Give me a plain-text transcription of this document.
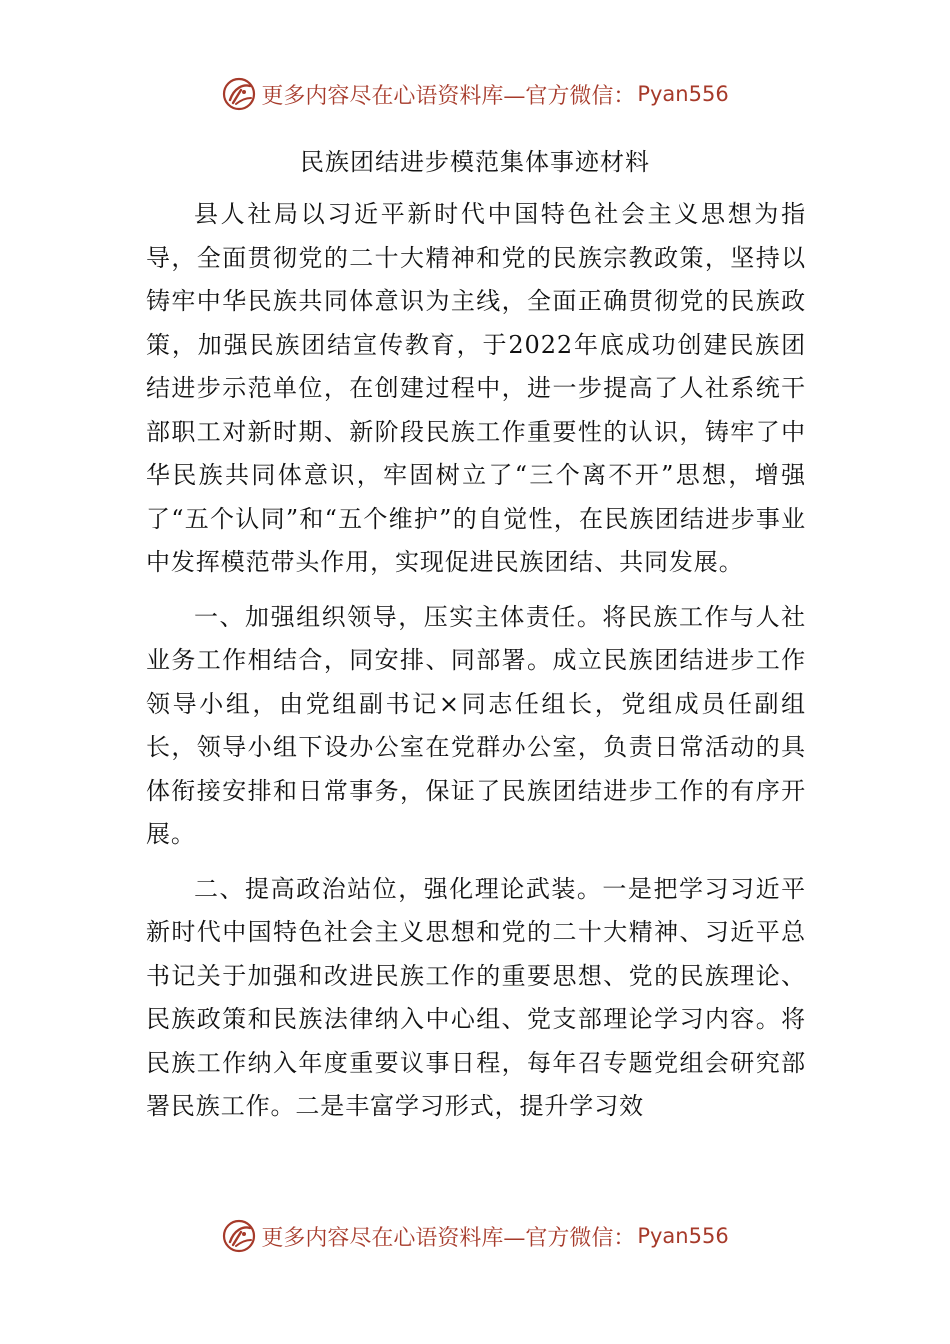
更多内容尽在心语资料库—官方微信： Pyan556
民族团结进步模范集体事迹材料

县人社局以习近平新时代中国特色社会主义思想为指导，全面贯彻党的二十大精神和党的民族宗教政策，坚持以铸牢中华民族共同体意识为主线，全面正确贯彻党的民族政策，加强民族团结宣传教育，于2022年底成功创建民族团结进步示范单位，在创建过程中，进一步提高了人社系统干部职工对新时期、新阶段民族工作重要性的认识，铸牢了中华民族共同体意识，牢固树立了“三个离不开”思想，增强了“五个认同”和“五个维护”的自觉性，在民族团结进步事业中发挥模范带头作用，实现促进民族团结、共同发展。

一、加强组织领导，压实主体责任。将民族工作与人社业务工作相结合，同安排、同部署。成立民族团结进步工作领导小组，由党组副书记×同志任组长，党组成员任副组长，领导小组下设办公室在党群办公室，负责日常活动的具体衔接安排和日常事务，保证了民族团结进步工作的有序开展。

二、提高政治站位，强化理论武装。一是把学习习近平新时代中国特色社会主义思想和党的二十大精神、习近平总书记关于加强和改进民族工作的重要思想、党的民族理论、民族政策和民族法律纳入中心组、党支部理论学习内容。将民族工作纳入年度重要议事日程，每年召专题党组会研究部署民族工作。二是丰富学习形式，提升学习效

更多内容尽在心语资料库—官方微信： Pyan556
